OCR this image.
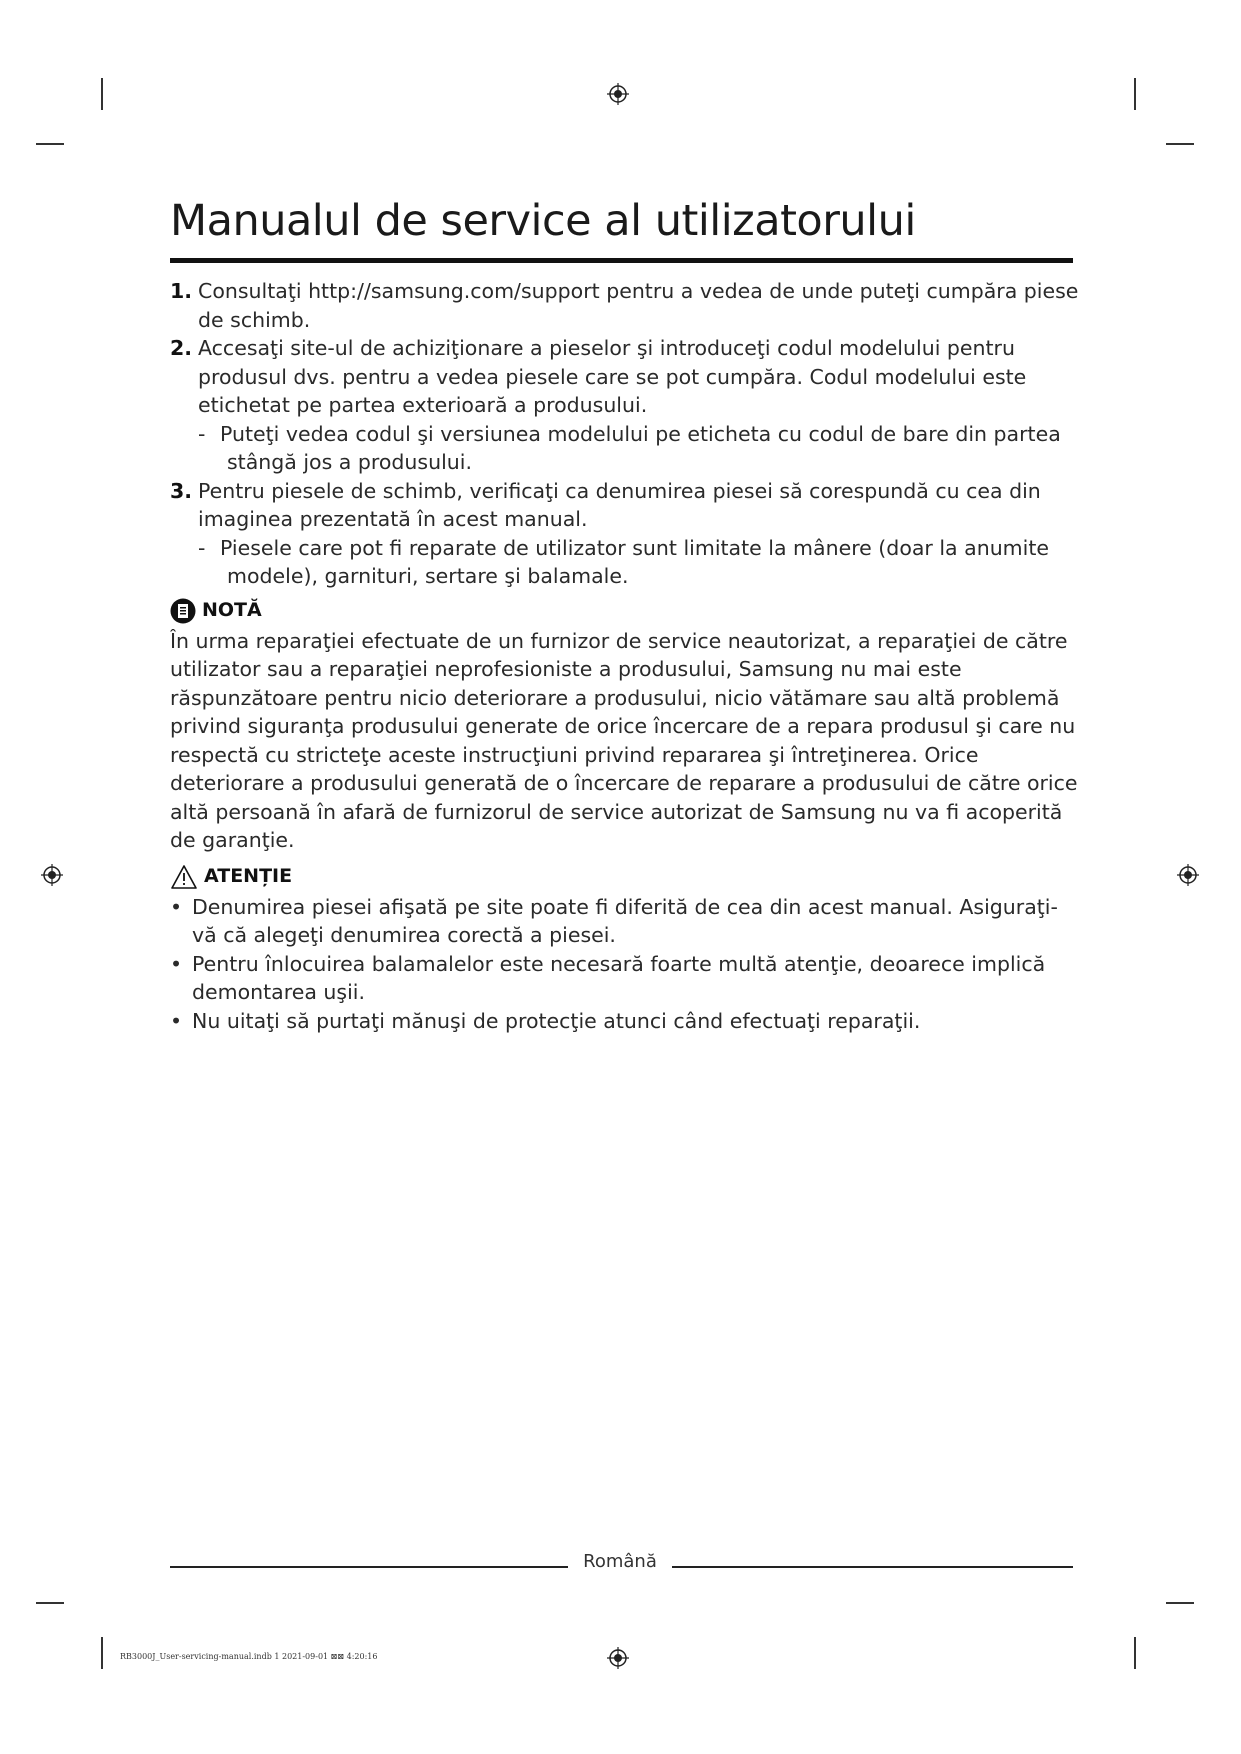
Manualul de service al utilizatorului
1. Consultaţi http://samsung.com/support pentru a vedea de unde puteţi cumpăra piese de schimb.
2. Accesaţi site-ul de achiziţionare a pieselor şi introduceţi codul modelului pentru produsul dvs. pentru a vedea piesele care se pot cumpăra. Codul modelului este etichetat pe partea exterioară a produsului.
- Puteţi vedea codul şi versiunea modelului pe eticheta cu codul de bare din partea stângă jos a produsului.
3. Pentru piesele de schimb, verificaţi ca denumirea piesei să corespundă cu cea din imaginea prezentată în acest manual.
- Piesele care pot fi reparate de utilizator sunt limitate la mânere (doar la anumite modele), garnituri, sertare şi balamale.
NOTĂ

În urma reparaţiei efectuate de un furnizor de service neautorizat, a reparaţiei de către utilizator sau a reparaţiei neprofesioniste a produsului, Samsung nu mai este răspunzătoare pentru nicio deteriorare a produsului, nicio vătămare sau altă problemă privind siguranţa produsului generate de orice încercare de a repara produsul şi care nu respectă cu stricteţe aceste instrucţiuni privind repararea şi întreţinerea. Orice deteriorare a produsului generată de o încercare de reparare a produsului de către orice altă persoană în afară de furnizorul de service autorizat de Samsung nu va fi acoperită de garanţie.

ATENȚIE
• Denumirea piesei afişată pe site poate fi diferită de cea din acest manual. Asiguraţi-vă că alegeţi denumirea corectă a piesei.
• Pentru înlocuirea balamalelor este necesară foarte multă atenţie, deoarece implică demontarea uşii.
• Nu uitaţi să purtaţi mănuşi de protecţie atunci când efectuaţi reparaţii.
Română
RB3000J_User-servicing-manual.indb 1 2021-09-01 ⊠⊠ 4:20:16
